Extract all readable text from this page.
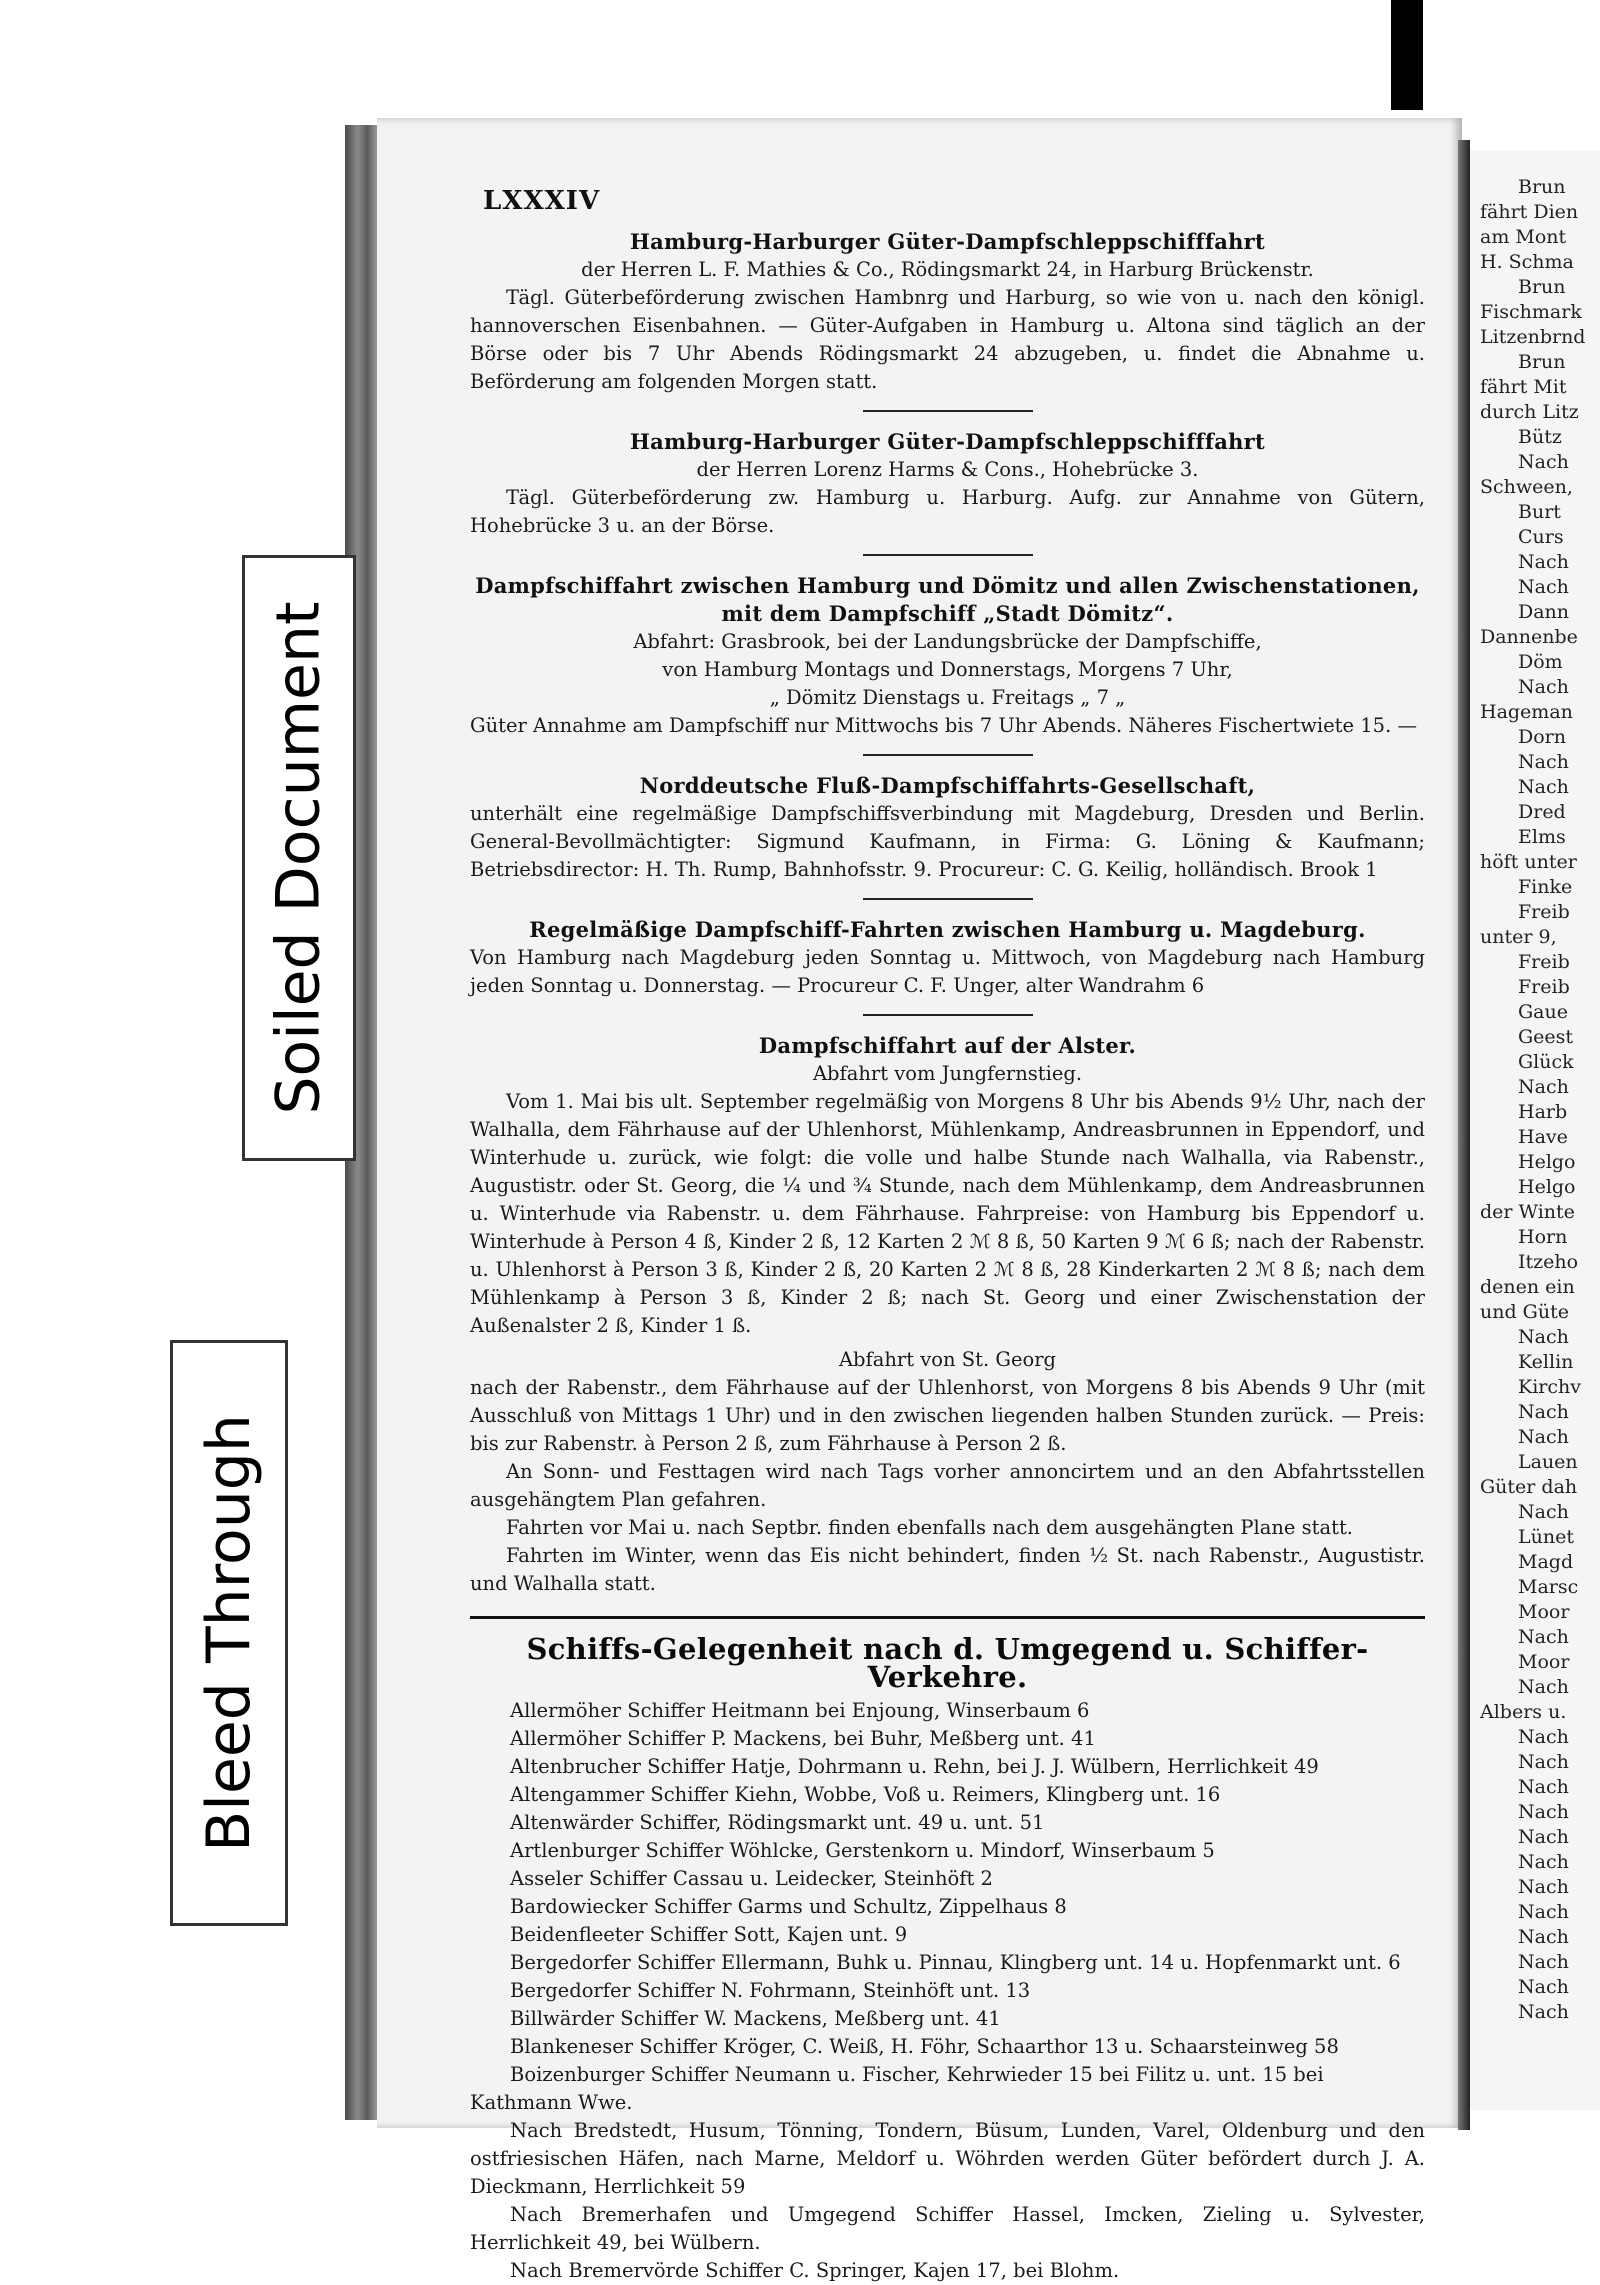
Brun
fährt Dien
am Mont
H. Schma
Brun
Fischmark
Litzenbrnd
Brun
fährt Mit
durch Litz
Bütz
Nach
Schween,
Burt
Curs
Nach
Nach
Dann
Dannenbe
Döm
Nach
Hageman
Dorn
Nach
Nach
Dred
Elms
höft unter
Finke
Freib
unter 9,
Freib
Freib
Gaue
Geest
Glück
Nach
Harb
Have
Helgo
Helgo
der Winte
Horn
Itzeho
denen ein
und Güte
Nach
Kellin
Kirchv
Nach
Nach
Lauen
Güter dah
Nach
Lünet
Magd
Marsc
Moor
Nach
Moor
Nach
Albers u.
Nach
Nach
Nach
Nach
Nach
Nach
Nach
Nach
Nach
Nach
Nach
Nach
LXXXIV
Hamburg-Harburger Güter-Dampfschleppschifffahrt
der Herren L. F. Mathies & Co., Rödingsmarkt 24, in Harburg Brückenstr.
Tägl. Güterbeförderung zwischen Hambnrg und Harburg, so wie von u. nach den königl. hannoverschen Eisenbahnen. — Güter-Aufgaben in Hamburg u. Altona sind täglich an der Börse oder bis 7 Uhr Abends Rödingsmarkt 24 abzugeben, u. findet die Abnahme u. Beförderung am folgenden Morgen statt.
Hamburg-Harburger Güter-Dampfschleppschifffahrt
der Herren Lorenz Harms & Cons., Hohebrücke 3.
Tägl. Güterbeförderung zw. Hamburg u. Harburg. Aufg. zur Annahme von Gütern, Hohebrücke 3 u. an der Börse.
Dampfschiffahrt zwischen Hamburg und Dömitz und allen Zwischenstationen, mit dem Dampfschiff „Stadt Dömitz“.
Abfahrt: Grasbrook, bei der Landungsbrücke der Dampfschiffe,
von Hamburg Montags und Donnerstags, Morgens 7 Uhr,
„ Dömitz Dienstags u. Freitags „ 7 „
Güter Annahme am Dampfschiff nur Mittwochs bis 7 Uhr Abends. Näheres Fischertwiete 15. —
Norddeutsche Fluß-Dampfschiffahrts-Gesellschaft,
unterhält eine regelmäßige Dampfschiffsverbindung mit Magdeburg, Dresden und Berlin. General-Bevollmächtigter: Sigmund Kaufmann, in Firma: G. Löning & Kaufmann; Betriebsdirector: H. Th. Rump, Bahnhofsstr. 9. Procureur: C. G. Keilig, holländisch. Brook 1
Regelmäßige Dampfschiff-Fahrten zwischen Hamburg u. Magdeburg.
Von Hamburg nach Magdeburg jeden Sonntag u. Mittwoch, von Magdeburg nach Hamburg jeden Sonntag u. Donnerstag. — Procureur C. F. Unger, alter Wandrahm 6
Dampfschiffahrt auf der Alster.
Abfahrt vom Jungfernstieg.
Vom 1. Mai bis ult. September regelmäßig von Morgens 8 Uhr bis Abends 9½ Uhr, nach der Walhalla, dem Fährhause auf der Uhlenhorst, Mühlenkamp, Andreasbrunnen in Eppendorf, und Winterhude u. zurück, wie folgt: die volle und halbe Stunde nach Walhalla, via Rabenstr., Augustistr. oder St. Georg, die ¼ und ¾ Stunde, nach dem Mühlenkamp, dem Andreasbrunnen u. Winterhude via Rabenstr. u. dem Fährhause. Fahrpreise: von Hamburg bis Eppendorf u. Winterhude à Person 4 ß, Kinder 2 ß, 12 Karten 2 ℳ 8 ß, 50 Karten 9 ℳ 6 ß; nach der Rabenstr. u. Uhlenhorst à Person 3 ß, Kinder 2 ß, 20 Karten 2 ℳ 8 ß, 28 Kinderkarten 2 ℳ 8 ß; nach dem Mühlenkamp à Person 3 ß, Kinder 2 ß; nach St. Georg und einer Zwischenstation der Außenalster 2 ß, Kinder 1 ß.
Abfahrt von St. Georg
nach der Rabenstr., dem Fährhause auf der Uhlenhorst, von Morgens 8 bis Abends 9 Uhr (mit Ausschluß von Mittags 1 Uhr) und in den zwischen liegenden halben Stunden zurück. — Preis: bis zur Rabenstr. à Person 2 ß, zum Fährhause à Person 2 ß.
An Sonn- und Festtagen wird nach Tags vorher annoncirtem und an den Abfahrtsstellen ausgehängtem Plan gefahren.
Fahrten vor Mai u. nach Septbr. finden ebenfalls nach dem ausgehängten Plane statt.
Fahrten im Winter, wenn das Eis nicht behindert, finden ½ St. nach Rabenstr., Augustistr. und Walhalla statt.
Schiffs-Gelegenheit nach d. Umgegend u. Schiffer-Verkehre.
Allermöher Schiffer Heitmann bei Enjoung, Winserbaum 6
Allermöher Schiffer P. Mackens, bei Buhr, Meßberg unt. 41
Altenbrucher Schiffer Hatje, Dohrmann u. Rehn, bei J. J. Wülbern, Herrlichkeit 49
Altengammer Schiffer Kiehn, Wobbe, Voß u. Reimers, Klingberg unt. 16
Altenwärder Schiffer, Rödingsmarkt unt. 49 u. unt. 51
Artlenburger Schiffer Wöhlcke, Gerstenkorn u. Mindorf, Winserbaum 5
Asseler Schiffer Cassau u. Leidecker, Steinhöft 2
Bardowiecker Schiffer Garms und Schultz, Zippelhaus 8
Beidenfleeter Schiffer Sott, Kajen unt. 9
Bergedorfer Schiffer Ellermann, Buhk u. Pinnau, Klingberg unt. 14 u. Hopfenmarkt unt. 6
Bergedorfer Schiffer N. Fohrmann, Steinhöft unt. 13
Billwärder Schiffer W. Mackens, Meßberg unt. 41
Blankeneser Schiffer Kröger, C. Weiß, H. Föhr, Schaarthor 13 u. Schaarsteinweg 58
Boizenburger Schiffer Neumann u. Fischer, Kehrwieder 15 bei Filitz u. unt. 15 bei Kathmann Wwe.
Nach Bredstedt, Husum, Tönning, Tondern, Büsum, Lunden, Varel, Oldenburg und den ostfriesischen Häfen, nach Marne, Meldorf u. Wöhrden werden Güter befördert durch J. A. Dieckmann, Herrlichkeit 59
Nach Bremerhafen und Umgegend Schiffer Hassel, Imcken, Zieling u. Sylvester, Herrlichkeit 49, bei Wülbern.
Nach Bremervörde Schiffer C. Springer, Kajen 17, bei Blohm.
Soiled Document
Bleed Through
